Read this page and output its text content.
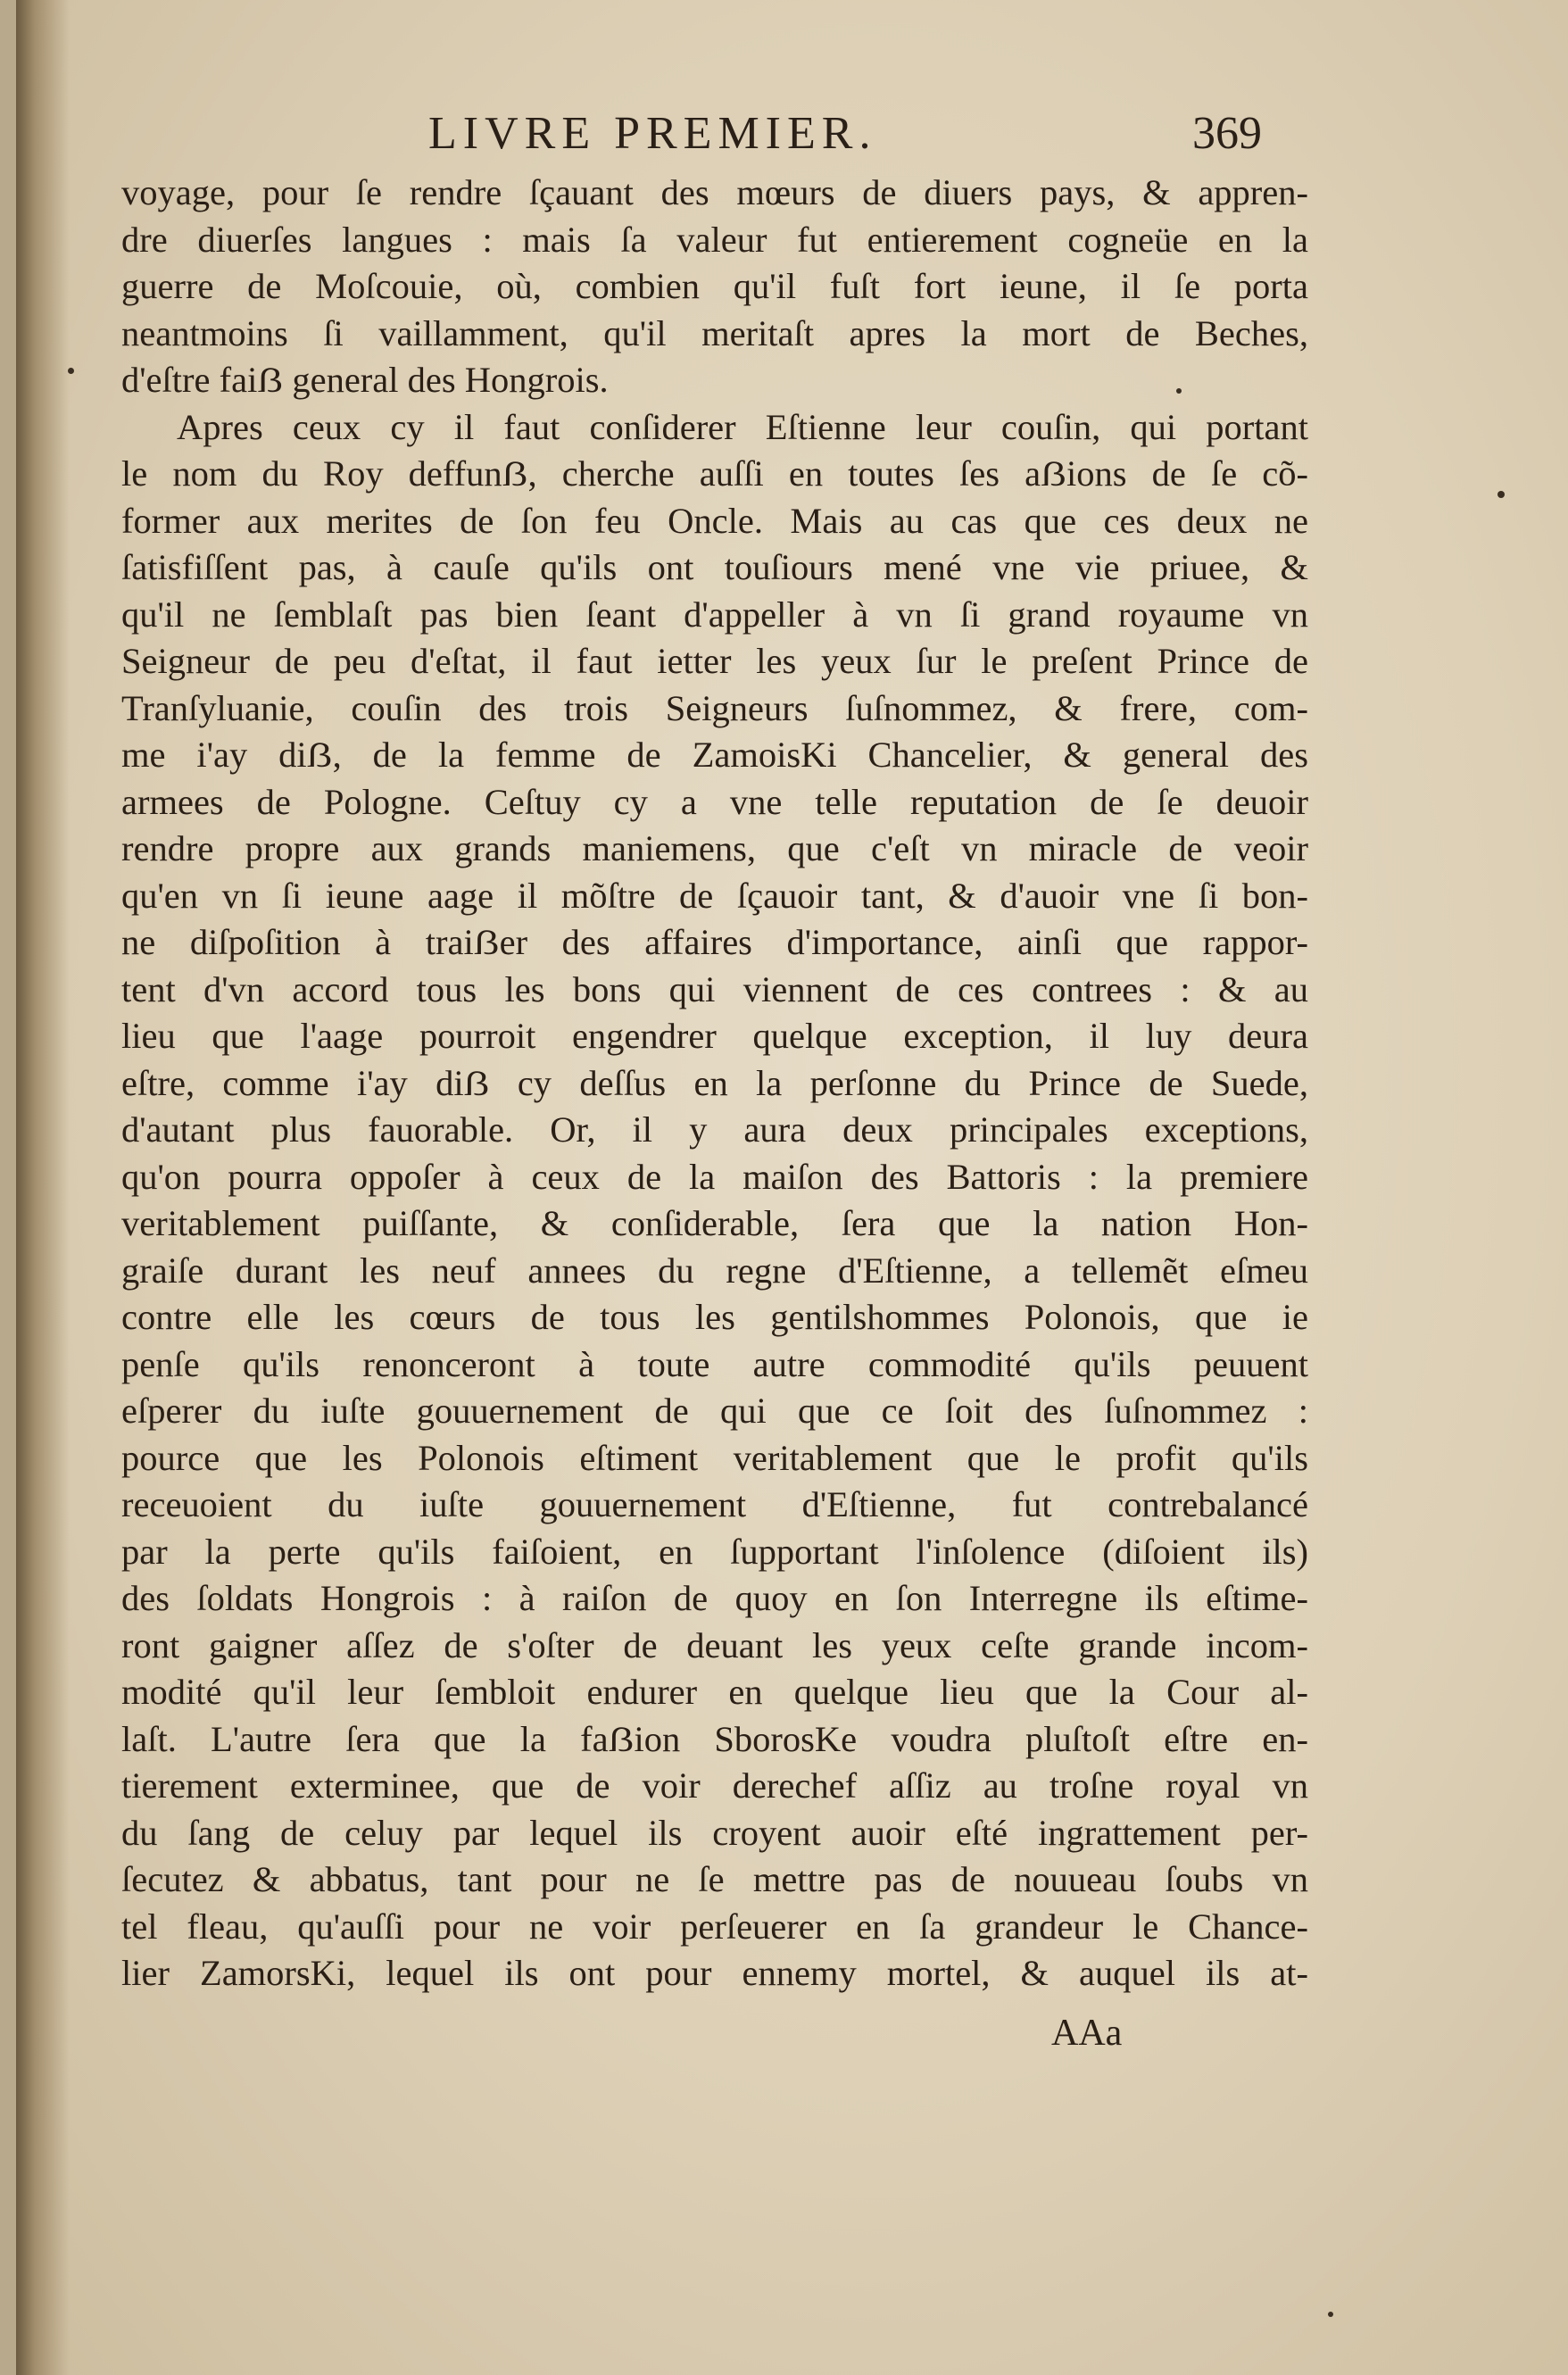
LIVRE PREMIER.	369
voyage, pour ſe rendre ſçauant des mœurs de diuers pays, & appren-
dre diuerſes langues : mais ſa valeur fut entierement cogneüe en la
guerre de Moſcouie, où, combien qu'il fuſt fort ieune, il ſe porta
neantmoins ſi vaillamment, qu'il meritaſt apres la mort de Beches,
d'eſtre faiẞ general des Hongrois.
Apres ceux cy il faut conſiderer Eſtienne leur couſin, qui portant
le nom du Roy deffunẞ, cherche auſſi en toutes ſes aẞions de ſe cõ-
former aux merites de ſon feu Oncle. Mais au cas que ces deux ne
ſatisfiſſent pas, à cauſe qu'ils ont touſiours mené vne vie priuee, &
qu'il ne ſemblaſt pas bien ſeant d'appeller à vn ſi grand royaume vn
Seigneur de peu d'eſtat, il faut ietter les yeux ſur le preſent Prince de
Tranſyluanie, couſin des trois Seigneurs ſuſnommez, & frere, com-
me i'ay diẞ, de la femme de ZamoisKi Chancelier, & general des
armees de Pologne. Ceſtuy cy a vne telle reputation de ſe deuoir
rendre propre aux grands maniemens, que c'eſt vn miracle de veoir
qu'en vn ſi ieune aage il mõſtre de ſçauoir tant, & d'auoir vne ſi bon-
ne diſpoſition à traiẞer des affaires d'importance, ainſi que rappor-
tent d'vn accord tous les bons qui viennent de ces contrees : & au
lieu que l'aage pourroit engendrer quelque exception, il luy deura
eſtre, comme i'ay diẞ cy deſſus en la perſonne du Prince de Suede,
d'autant plus fauorable. Or, il y aura deux principales exceptions,
qu'on pourra oppoſer à ceux de la maiſon des Battoris : la premiere
veritablement puiſſante, & conſiderable, ſera que la nation Hon-
graiſe durant les neuf annees du regne d'Eſtienne, a tellemẽt eſmeu
contre elle les cœurs de tous les gentilshommes Polonois, que ie
penſe qu'ils renonceront à toute autre commodité qu'ils peuuent
eſperer du iuſte gouuernement de qui que ce ſoit des ſuſnommez :
pource que les Polonois eſtiment veritablement que le profit qu'ils
receuoient du iuſte gouuernement d'Eſtienne, fut contrebalancé
par la perte qu'ils faiſoient, en ſupportant l'inſolence (diſoient ils)
des ſoldats Hongrois : à raiſon de quoy en ſon Interregne ils eſtime-
ront gaigner aſſez de s'oſter de deuant les yeux ceſte grande incom-
modité qu'il leur ſembloit endurer en quelque lieu que la Cour al-
laſt. L'autre ſera que la faẞion SborosKe voudra pluſtoſt eſtre en-
tierement exterminee, que de voir derechef aſſiz au troſne royal vn
du ſang de celuy par lequel ils croyent auoir eſté ingrattement per-
ſecutez & abbatus, tant pour ne ſe mettre pas de nouueau ſoubs vn
tel fleau, qu'auſſi pour ne voir perſeuerer en ſa grandeur le Chance-
lier ZamorsKi, lequel ils ont pour ennemy mortel, & auquel ils at-
AAa
